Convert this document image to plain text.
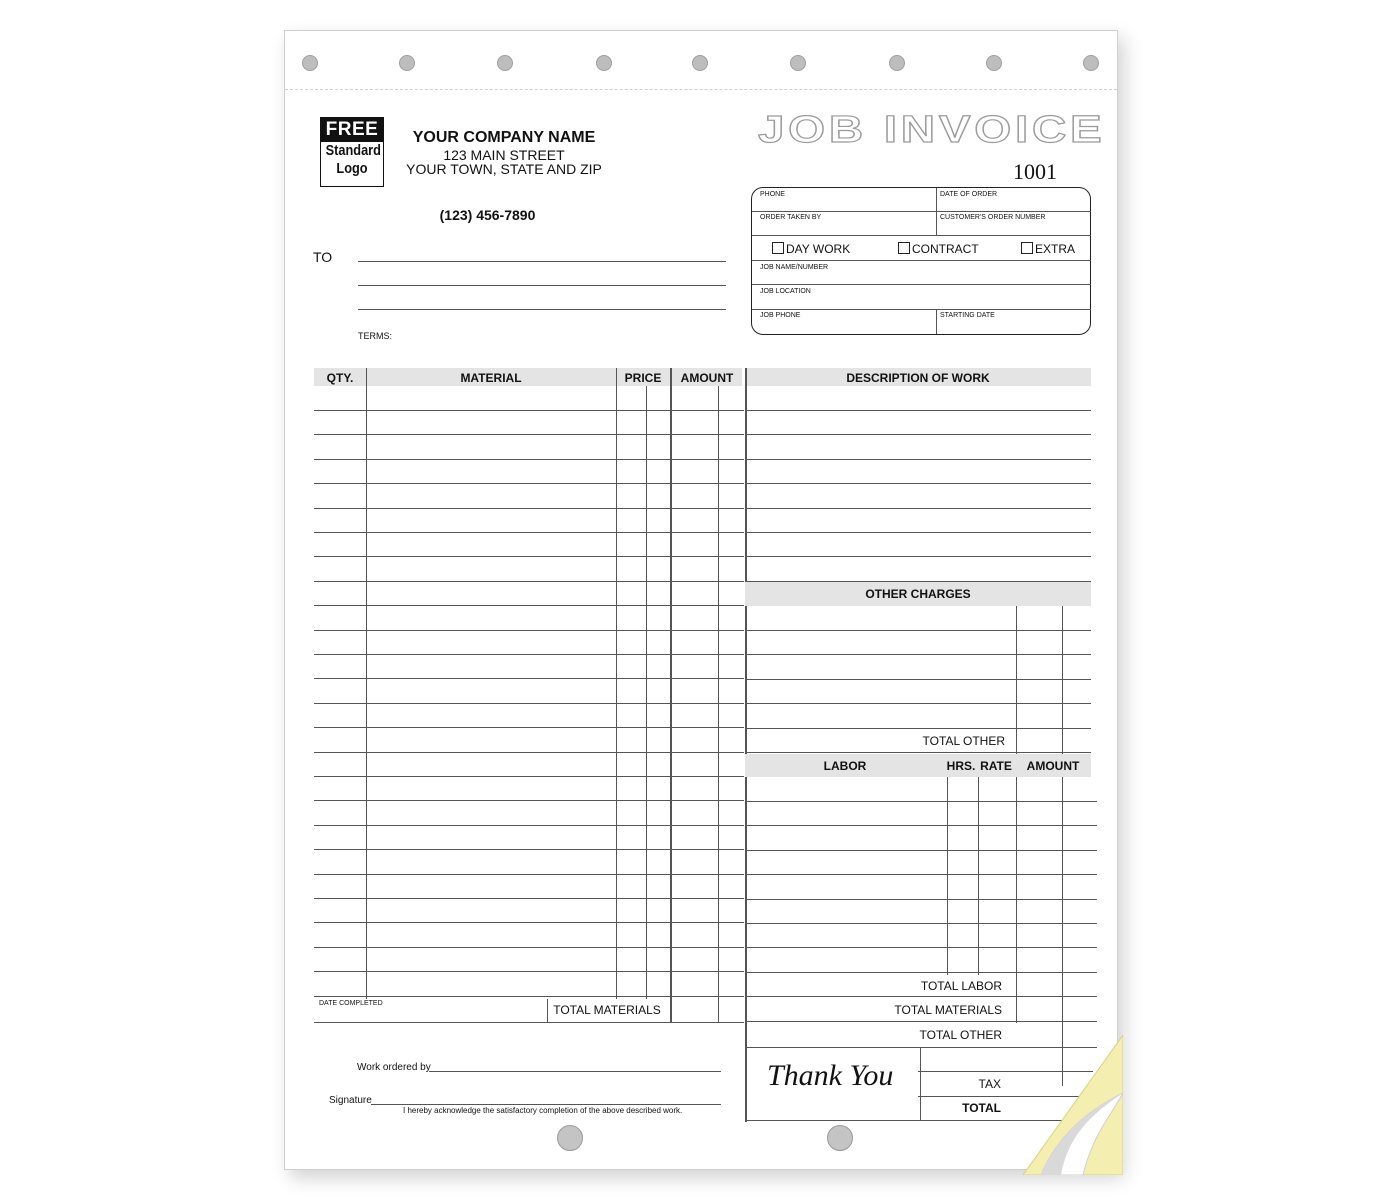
FREE
Standard
Logo
YOUR COMPANY NAME
123 MAIN STREET
YOUR TOWN, STATE AND ZIP
(123) 456-7890
JOB INVOICE
1001
TO
TERMS:
PHONE	DATE OF ORDER
ORDER TAKEN BY	CUSTOMER'S ORDER NUMBER
DAY WORK	CONTRACT	EXTRA
JOB NAME/NUMBER
JOB LOCATION
JOB PHONE	STARTING DATE
QTY.	MATERIAL	PRICE	AMOUNT	DESCRIPTION OF WORK
OTHER CHARGES
TOTAL OTHER
LABOR	HRS. RATE	AMOUNT
DATE COMPLETED	TOTAL MATERIALS
TOTAL LABOR
TOTAL MATERIALS
TOTAL OTHER
TAX
TOTAL
Thank You
Work ordered by
Signature
I hereby acknowledge the satisfactory completion of the above described work.
